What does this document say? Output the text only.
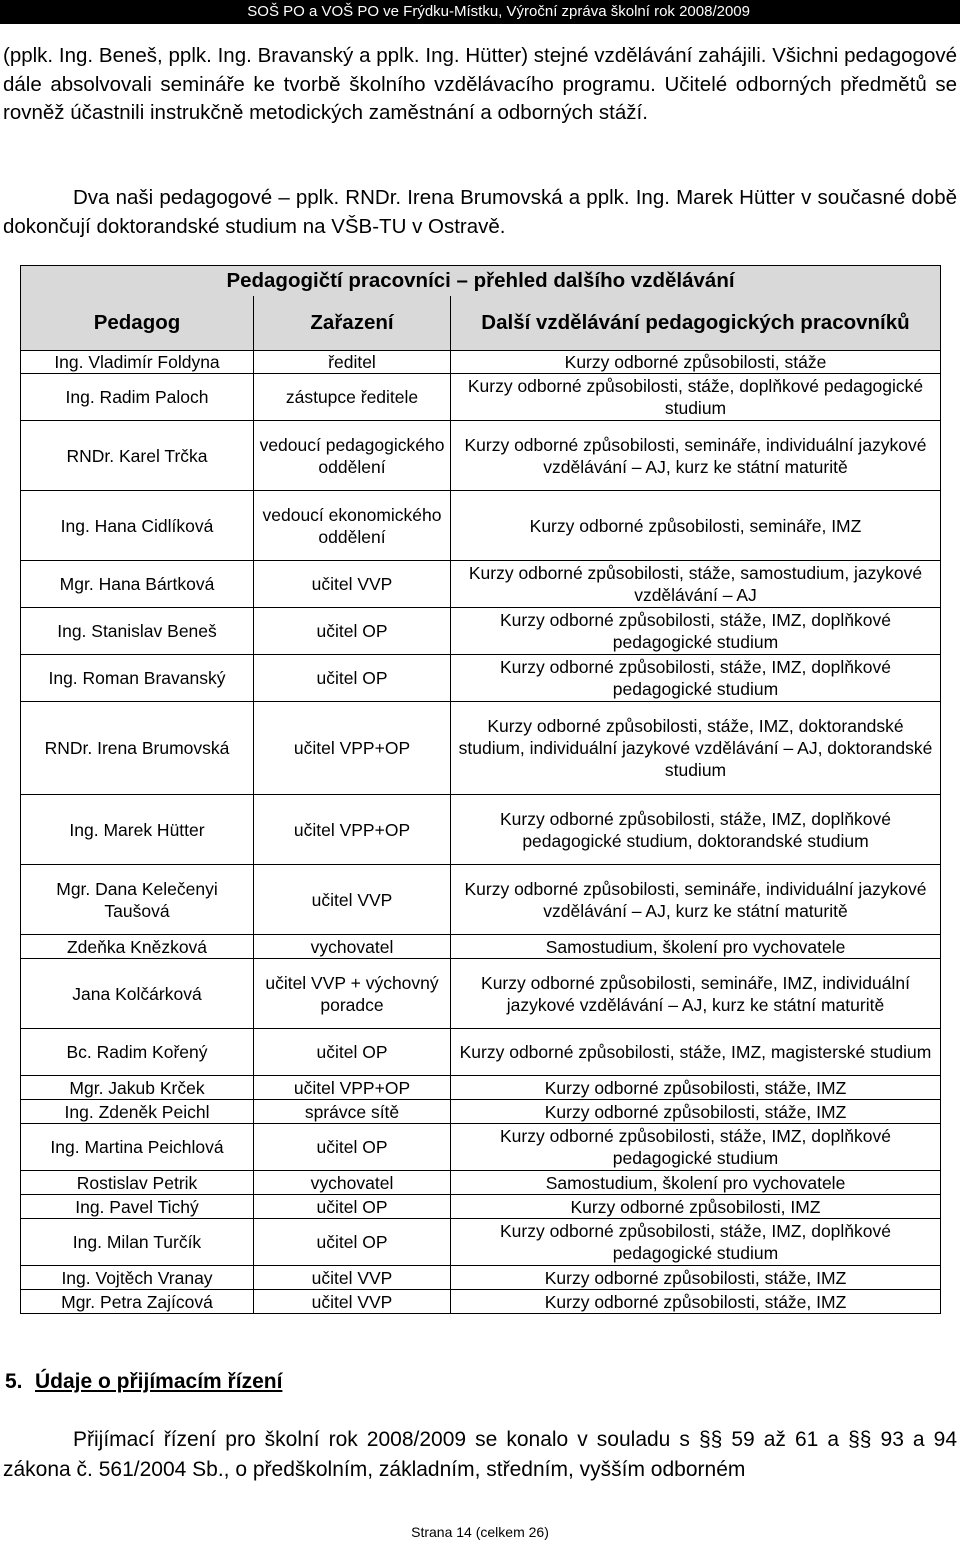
SOŠ PO a VOŠ PO ve Frýdku-Místku, Výroční zpráva školní rok 2008/2009
(pplk. Ing. Beneš, pplk. Ing. Bravanský a pplk. Ing. Hütter) stejné vzdělávání zahájili. Všichni pedagogové dále absolvovali semináře ke tvorbě školního vzdělávacího programu. Učitelé odborných předmětů se rovněž účastnili instrukčně metodických zaměstnání a odborných stáží.
Dva naši pedagogové – pplk. RNDr. Irena Brumovská a pplk. Ing. Marek Hütter v současné době dokončují doktorandské studium na VŠB-TU v Ostravě.
Pedagogičtí pracovníci – přehled dalšího vzdělávání		
Pedagog	Zařazení	Další vzdělávání pedagogických pracovníků
Ing. Vladimír Foldyna	ředitel	Kurzy odborné způsobilosti, stáže
Ing. Radim Paloch	zástupce ředitele	Kurzy odborné způsobilosti, stáže, doplňkové pedagogické studium
RNDr. Karel Trčka	vedoucí pedagogického oddělení	Kurzy odborné způsobilosti, semináře, individuální jazykové vzdělávání – AJ, kurz ke státní maturitě
Ing. Hana Cidlíková	vedoucí ekonomického oddělení	Kurzy odborné způsobilosti, semináře, IMZ
Mgr. Hana Bártková	učitel VVP	Kurzy odborné způsobilosti, stáže, samostudium, jazykové vzdělávání – AJ
Ing. Stanislav Beneš	učitel OP	Kurzy odborné způsobilosti, stáže, IMZ, doplňkové pedagogické studium
Ing. Roman Bravanský	učitel OP	Kurzy odborné způsobilosti, stáže, IMZ, doplňkové pedagogické studium
RNDr. Irena Brumovská	učitel VPP+OP	Kurzy odborné způsobilosti, stáže, IMZ, doktorandské studium, individuální jazykové vzdělávání – AJ, doktorandské studium
Ing. Marek Hütter	učitel VPP+OP	Kurzy odborné způsobilosti, stáže, IMZ, doplňkové pedagogické studium, doktorandské studium
Mgr. Dana Kelečenyi Taušová	učitel VVP	Kurzy odborné způsobilosti, semináře, individuální jazykové vzdělávání – AJ, kurz ke státní maturitě
Zdeňka Knězková	vychovatel	Samostudium, školení pro vychovatele
Jana Kolčárková	učitel VVP + výchovný poradce	Kurzy odborné způsobilosti, semináře, IMZ, individuální jazykové vzdělávání – AJ, kurz ke státní maturitě
Bc. Radim Kořený	učitel OP	Kurzy odborné způsobilosti, stáže, IMZ, magisterské studium
Mgr. Jakub Krček	učitel VPP+OP	Kurzy odborné způsobilosti, stáže, IMZ
Ing. Zdeněk Peichl	správce sítě	Kurzy odborné způsobilosti, stáže, IMZ
Ing. Martina Peichlová	učitel OP	Kurzy odborné způsobilosti, stáže, IMZ, doplňkové pedagogické studium
Rostislav Petrik	vychovatel	Samostudium, školení pro vychovatele
Ing. Pavel Tichý	učitel OP	Kurzy odborné způsobilosti, IMZ
Ing. Milan Turčík	učitel OP	Kurzy odborné způsobilosti, stáže, IMZ, doplňkové pedagogické studium
Ing. Vojtěch Vranay	učitel VVP	Kurzy odborné způsobilosti, stáže, IMZ
Mgr. Petra Zajícová	učitel VVP	Kurzy odborné způsobilosti, stáže, IMZ
5. Údaje o přijímacím řízení
Přijímací řízení pro školní rok 2008/2009 se konalo v souladu s §§ 59 až 61 a §§ 93 a 94 zákona č. 561/2004 Sb., o předškolním, základním, středním, vyšším odborném
Strana 14 (celkem 26)
